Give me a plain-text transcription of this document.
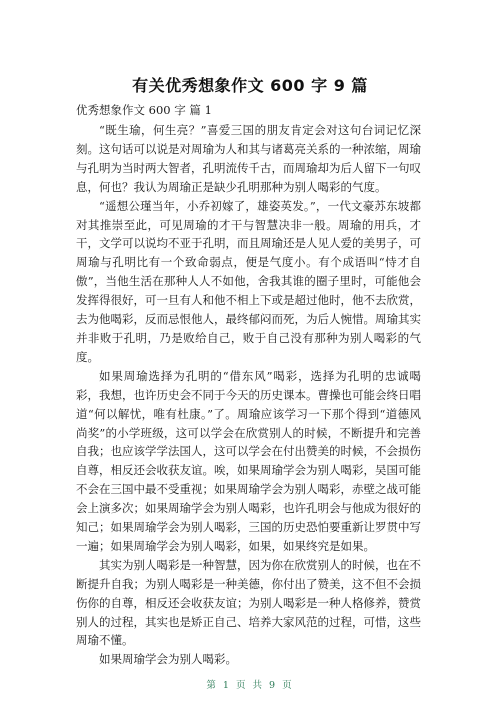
有关优秀想象作文 600 字 9 篇
优秀想象作文 600 字 篇 1

“既生瑜，何生亮？”喜爱三国的朋友肯定会对这句台词记忆深刻。这句话可以说是对周瑜为人和其与诸葛亮关系的一种浓缩，周瑜与孔明为当时两大智者，孔明流传千古，而周瑜却为后人留下一句叹息，何也？我认为周瑜正是缺少孔明那种为别人喝彩的气度。

“遥想公瑾当年，小乔初嫁了，雄姿英发。”，一代文豪苏东坡都对其推崇至此，可见周瑜的才干与智慧决非一般。周瑜的用兵，才干，文学可以说均不亚于孔明，而且周瑜还是人见人爱的美男子，可周瑜与孔明比有一个致命弱点，便是气度小。有个成语叫“恃才自傲”，当他生活在那种人人不如他，舍我其谁的圈子里时，可能他会发挥得很好，可一旦有人和他不相上下或是超过他时，他不去欣赏，去为他喝彩，反而忌恨他人，最终郁闷而死，为后人惋惜。周瑜其实并非败于孔明，乃是败给自己，败于自己没有那种为别人喝彩的气度。

如果周瑜选择为孔明的“借东风”喝彩，选择为孔明的忠诚喝彩，我想，也许历史会不同于今天的历史课本。曹操也可能会终日唱道“何以解忧，唯有杜康。”了。周瑜应该学习一下那个得到“道德风尚奖”的小学班级，这可以学会在欣赏别人的时候，不断提升和完善自我；也应该学学法国人，这可以学会在付出赞美的时候，不会损伤自尊，相反还会收获友谊。唉，如果周瑜学会为别人喝彩，吴国可能不会在三国中最不受重视；如果周瑜学会为别人喝彩，赤壁之战可能会上演多次；如果周瑜学会为别人喝彩，也许孔明会与他成为很好的知己；如果周瑜学会为别人喝彩，三国的历史恐怕要重新让罗贯中写一遍；如果周瑜学会为别人喝彩，如果，如果终究是如果。

其实为别人喝彩是一种智慧，因为你在欣赏别人的时候，也在不断提升自我；为别人喝彩是一种美德，你付出了赞美，这不但不会损伤你的自尊，相反还会收获友谊；为别人喝彩是一种人格修养，赞赏别人的过程，其实也是矫正自己、培养大家风范的过程，可惜，这些周瑜不懂。

如果周瑜学会为别人喝彩。

第 1 页 共 9 页
